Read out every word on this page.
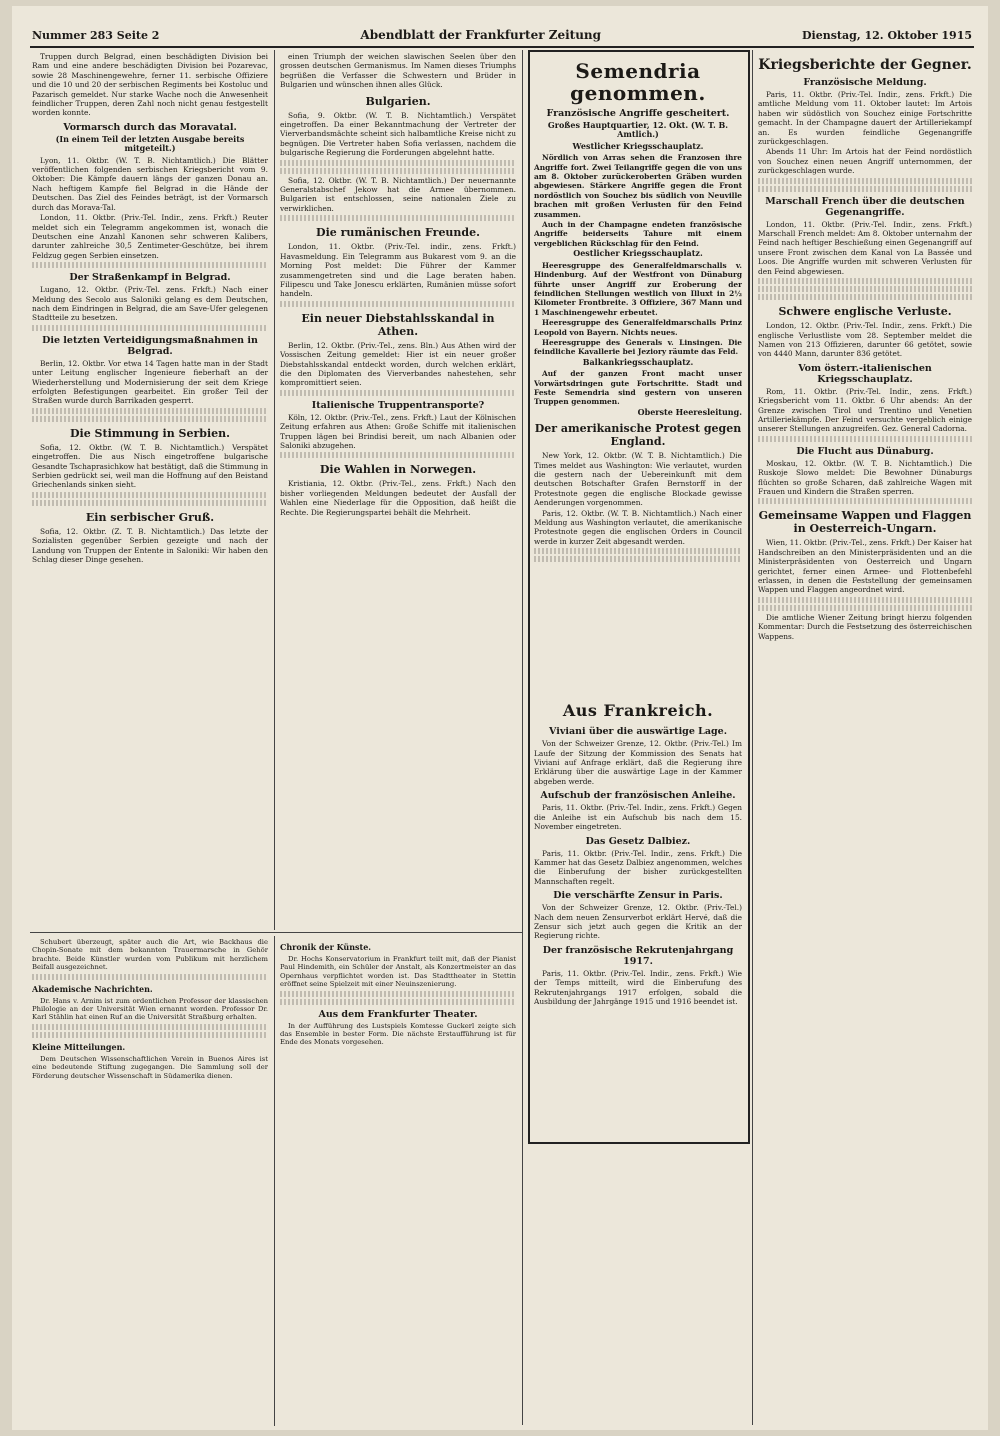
Nummer 283 Seite 2	Abendblatt der Frankfurter Zeitung	Dienstag, 12. Oktober 1915

Truppen durch Belgrad, einen beschädigten Division bei Ram und eine andere beschädigten Division bei Pozarevac, sowie 28 Maschinengewehre, ferner 11. serbische Offiziere und die 10 und 20 der serbischen Regiments bei Kostoluc und Pazarisch gemeldet. Nur starke Wache noch die Anwesenheit feindlicher Truppen, deren Zahl noch nicht genau festgestellt worden konnte.

Vormarsch durch das Moravatal.
(In einem Teil der letzten Ausgabe bereits mitgeteilt.)

Lyon, 11. Oktbr. (W. T. B. Nichtamtlich.) Die Blätter veröffentlichen folgenden serbischen Kriegsbericht vom 9. Oktober: Die Kämpfe dauern längs der ganzen Donau an. Nach heftigem Kampfe fiel Belgrad in die Hände der Deutschen. Das Ziel des Feindes beträgt, ist der Vormarsch durch das Morava-Tal.

London, 11. Oktbr. (Priv.-Tel. Indir., zens. Frkft.) Reuter meldet sich ein Telegramm angekommen ist, wonach die Deutschen eine Anzahl Kanonen sehr schweren Kalibers, darunter zahlreiche 30,5 Zentimeter-Geschütze, bei ihrem Feldzug gegen Serbien einsetzen.

Der Straßenkampf in Belgrad.

Lugano, 12. Oktbr. (Priv.-Tel. zens. Frkft.) Nach einer Meldung des Secolo aus Saloniki gelang es dem Deutschen, nach dem Eindringen in Belgrad, die am Save-Ufer gelegenen Stadtteile zu besetzen.

Die letzten Verteidigungsmaßnahmen in Belgrad.

Berlin, 12. Oktbr. Vor etwa 14 Tagen hatte man in der Stadt unter Leitung englischer Ingenieure fieberhaft an der Wiederherstellung und Modernisierung der seit dem Kriege erfolgten Befestigungen gearbeitet. Ein großer Teil der Straßen wurde durch Barrikaden gesperrt.

Die Stimmung in Serbien.

Sofia, 12. Oktbr. (W. T. B. Nichtamtlich.) Verspätet eingetroffen. Die aus Nisch eingetroffene bulgarische Gesandte Tschaprasichkow hat bestätigt, daß die Stimmung in Serbien gedrückt sei, weil man die Hoffnung auf den Beistand Griechenlands sinken sieht.

Ein serbischer Gruß.

Sofia, 12. Oktbr. (Z. T. B. Nichtamtlich.) Das letzte der Sozialisten gegenüber Serbien gezeigte und nach der Landung von Truppen der Entente in Saloniki: Wir haben den Schlag dieser Dinge gesehen.

einen Triumph der weichen slawischen Seelen über den grossen deutschen Germanismus. Im Namen dieses Triumphs begrüßen die Verfasser die Schwestern und Brüder in Bulgarien und wünschen ihnen alles Glück.

Bulgarien.

Sofia, 9. Oktbr. (W. T. B. Nichtamtlich.) Verspätet eingetroffen. Da einer Bekanntmachung der Vertreter der Vierverbandsmächte scheint sich halbamtliche Kreise nicht zu begnügen. Die Vertreter haben Sofia verlassen, nachdem die bulgarische Regierung die Forderungen abgelehnt hatte.

Sofia, 12. Oktbr. (W. T. B. Nichtamtlich.) Der neuernannte Generalstabschef Jekow hat die Armee übernommen. Bulgarien ist entschlossen, seine nationalen Ziele zu verwirklichen.

Die rumänischen Freunde.

London, 11. Oktbr. (Priv.-Tel. indir., zens. Frkft.) Havasmeldung. Ein Telegramm aus Bukarest vom 9. an die Morning Post meldet: Die Führer der Kammer zusammengetreten sind und die Lage beraten haben. Filipescu und Take Jonescu erklärten, Rumänien müsse sofort handeln.

Ein neuer Diebstahlsskandal in Athen.

Berlin, 12. Oktbr. (Priv.-Tel., zens. Bln.) Aus Athen wird der Vossischen Zeitung gemeldet: Hier ist ein neuer großer Diebstahlsskandal entdeckt worden, durch welchen erklärt, die den Diplomaten des Vierverbandes nahestehen, sehr kompromittiert seien.

Italienische Truppentransporte?

Köln, 12. Oktbr. (Priv.-Tel., zens. Frkft.) Laut der Kölnischen Zeitung erfahren aus Athen: Große Schiffe mit italienischen Truppen lägen bei Brindisi bereit, um nach Albanien oder Saloniki abzugehen.

Die Wahlen in Norwegen.

Kristiania, 12. Oktbr. (Priv.-Tel., zens. Frkft.) Nach den bisher vorliegenden Meldungen bedeutet der Ausfall der Wahlen eine Niederlage für die Opposition, daß heißt die Rechte. Die Regierungspartei behält die Mehrheit.

Semendria genommen.
Französische Angriffe gescheitert.
Großes Hauptquartier, 12. Okt. (W. T. B. Amtlich.)
Westlicher Kriegsschauplatz.

Nördlich von Arras sehen die Franzosen ihre Angriffe fort. Zwei Teilangriffe gegen die von uns am 8. Oktober zurückeroberten Gräben wurden abgewiesen. Stärkere Angriffe gegen die Front nordöstlich von Souchez bis südlich von Neuville brachen mit großen Verlusten für den Feind zusammen.

Auch in der Champagne endeten französische Angriffe beiderseits Tahure mit einem vergeblichen Rückschlag für den Feind.

Oestlicher Kriegsschauplatz.

Heeresgruppe des Generalfeldmarschalls v. Hindenburg. Auf der Westfront von Dünaburg führte unser Angriff zur Eroberung der feindlichen Stellungen westlich von Illuxt in 2½ Kilometer Frontbreite. 3 Offiziere, 367 Mann und 1 Maschinengewehr erbeutet.

Heeresgruppe des Generalfeldmarschalls Prinz Leopold von Bayern. Nichts neues.

Heeresgruppe des Generals v. Linsingen. Die feindliche Kavallerie bei Jeziory räumte das Feld.

Balkankriegsschauplatz.

Auf der ganzen Front macht unser Vorwärtsdringen gute Fortschritte. Stadt und Feste Semendria sind gestern von unseren Truppen genommen.

Oberste Heeresleitung.
Der amerikanische Protest gegen England.

New York, 12. Oktbr. (W. T. B. Nichtamtlich.) Die Times meldet aus Washington: Wie verlautet, wurden die gestern nach der Uebereinkunft mit dem deutschen Botschafter Grafen Bernstorff in der Protestnote gegen die englische Blockade gewisse Aenderungen vorgenommen.

Paris, 12. Oktbr. (W. T. B. Nichtamtlich.) Nach einer Meldung aus Washington verlautet, die amerikanische Protestnote gegen die englischen Orders in Council werde in kurzer Zeit abgesandt werden.

Aus Frankreich.
Viviani über die auswärtige Lage.

Von der Schweizer Grenze, 12. Oktbr. (Priv.-Tel.) Im Laufe der Sitzung der Kommission des Senats hat Viviani auf Anfrage erklärt, daß die Regierung ihre Erklärung über die auswärtige Lage in der Kammer abgeben werde.

Aufschub der französischen Anleihe.

Paris, 11. Oktbr. (Priv.-Tel. Indir., zens. Frkft.) Gegen die Anleihe ist ein Aufschub bis nach dem 15. November eingetreten.

Das Gesetz Dalbiez.

Paris, 11. Oktbr. (Priv.-Tel. Indir., zens. Frkft.) Die Kammer hat das Gesetz Dalbiez angenommen, welches die Einberufung der bisher zurückgestellten Mannschaften regelt.

Die verschärfte Zensur in Paris.

Von der Schweizer Grenze, 12. Oktbr. (Priv.-Tel.) Nach dem neuen Zensurverbot erklärt Hervé, daß die Zensur sich jetzt auch gegen die Kritik an der Regierung richte.

Der französische Rekrutenjahrgang 1917.

Paris, 11. Oktbr. (Priv.-Tel. Indir., zens. Frkft.) Wie der Temps mitteilt, wird die Einberufung des Rekrutenjahrgangs 1917 erfolgen, sobald die Ausbildung der Jahrgänge 1915 und 1916 beendet ist.

Kriegsberichte der Gegner.
Französische Meldung.

Paris, 11. Oktbr. (Priv.-Tel. Indir., zens. Frkft.) Die amtliche Meldung vom 11. Oktober lautet: Im Artois haben wir südöstlich von Souchez einige Fortschritte gemacht. In der Champagne dauert der Artilleriekampf an. Es wurden feindliche Gegenangriffe zurückgeschlagen.

Abends 11 Uhr: Im Artois hat der Feind nordöstlich von Souchez einen neuen Angriff unternommen, der zurückgeschlagen wurde.

Marschall French über die deutschen Gegenangriffe.

London, 11. Oktbr. (Priv.-Tel. Indir., zens. Frkft.) Marschall French meldet: Am 8. Oktober unternahm der Feind nach heftiger Beschießung einen Gegenangriff auf unsere Front zwischen dem Kanal von La Bassée und Loos. Die Angriffe wurden mit schweren Verlusten für den Feind abgewiesen.

Schwere englische Verluste.

London, 12. Oktbr. (Priv.-Tel. Indir., zens. Frkft.) Die englische Verlustliste vom 28. September meldet die Namen von 213 Offizieren, darunter 66 getötet, sowie von 4440 Mann, darunter 836 getötet.

Vom österr.-italienischen Kriegsschauplatz.

Rom, 11. Oktbr. (Priv.-Tel. Indir., zens. Frkft.) Kriegsbericht vom 11. Oktbr. 6 Uhr abends: An der Grenze zwischen Tirol und Trentino und Venetien Artilleriekämpfe. Der Feind versuchte vergeblich einige unserer Stellungen anzugreifen. Gez. General Cadorna.

Die Flucht aus Dünaburg.

Moskau, 12. Oktbr. (W. T. B. Nichtamtlich.) Die Ruskoje Slowo meldet: Die Bewohner Dünaburgs flüchten so große Scharen, daß zahlreiche Wagen mit Frauen und Kindern die Straßen sperren.

Gemeinsame Wappen und Flaggen in Oesterreich-Ungarn.

Wien, 11. Oktbr. (Priv.-Tel., zens. Frkft.) Der Kaiser hat Handschreiben an den Ministerpräsidenten und an die Ministerpräsidenten von Oesterreich und Ungarn gerichtet, ferner einen Armee- und Flottenbefehl erlassen, in denen die Feststellung der gemeinsamen Wappen und Flaggen angeordnet wird.

Die amtliche Wiener Zeitung bringt hierzu folgenden Kommentar: Durch die Festsetzung des österreichischen Wappens.

Schubert überzeugt, später auch die Art, wie Backhaus die Chopin-Sonate mit dem bekannten Trauermarsche in Gehör brachte. Beide Künstler wurden vom Publikum mit herzlichem Beifall ausgezeichnet.

Akademische Nachrichten.

Dr. Hans v. Arnim ist zum ordentlichen Professor der klassischen Philologie an der Universität Wien ernannt worden. Professor Dr. Karl Stählin hat einen Ruf an die Universität Straßburg erhalten.

Kleine Mitteilungen.

Dem Deutschen Wissenschaftlichen Verein in Buenos Aires ist eine bedeutende Stiftung zugegangen. Die Sammlung soll der Förderung deutscher Wissenschaft in Südamerika dienen.

Chronik der Künste.

Dr. Hochs Konservatorium in Frankfurt teilt mit, daß der Pianist Paul Hindemith, ein Schüler der Anstalt, als Konzertmeister an das Opernhaus verpflichtet worden ist. Das Stadttheater in Stettin eröffnet seine Spielzeit mit einer Neuinszenierung.

Aus dem Frankfurter Theater.

In der Aufführung des Lustspiels Komtesse Guckerl zeigte sich das Ensemble in bester Form. Die nächste Erstaufführung ist für Ende des Monats vorgesehen.
